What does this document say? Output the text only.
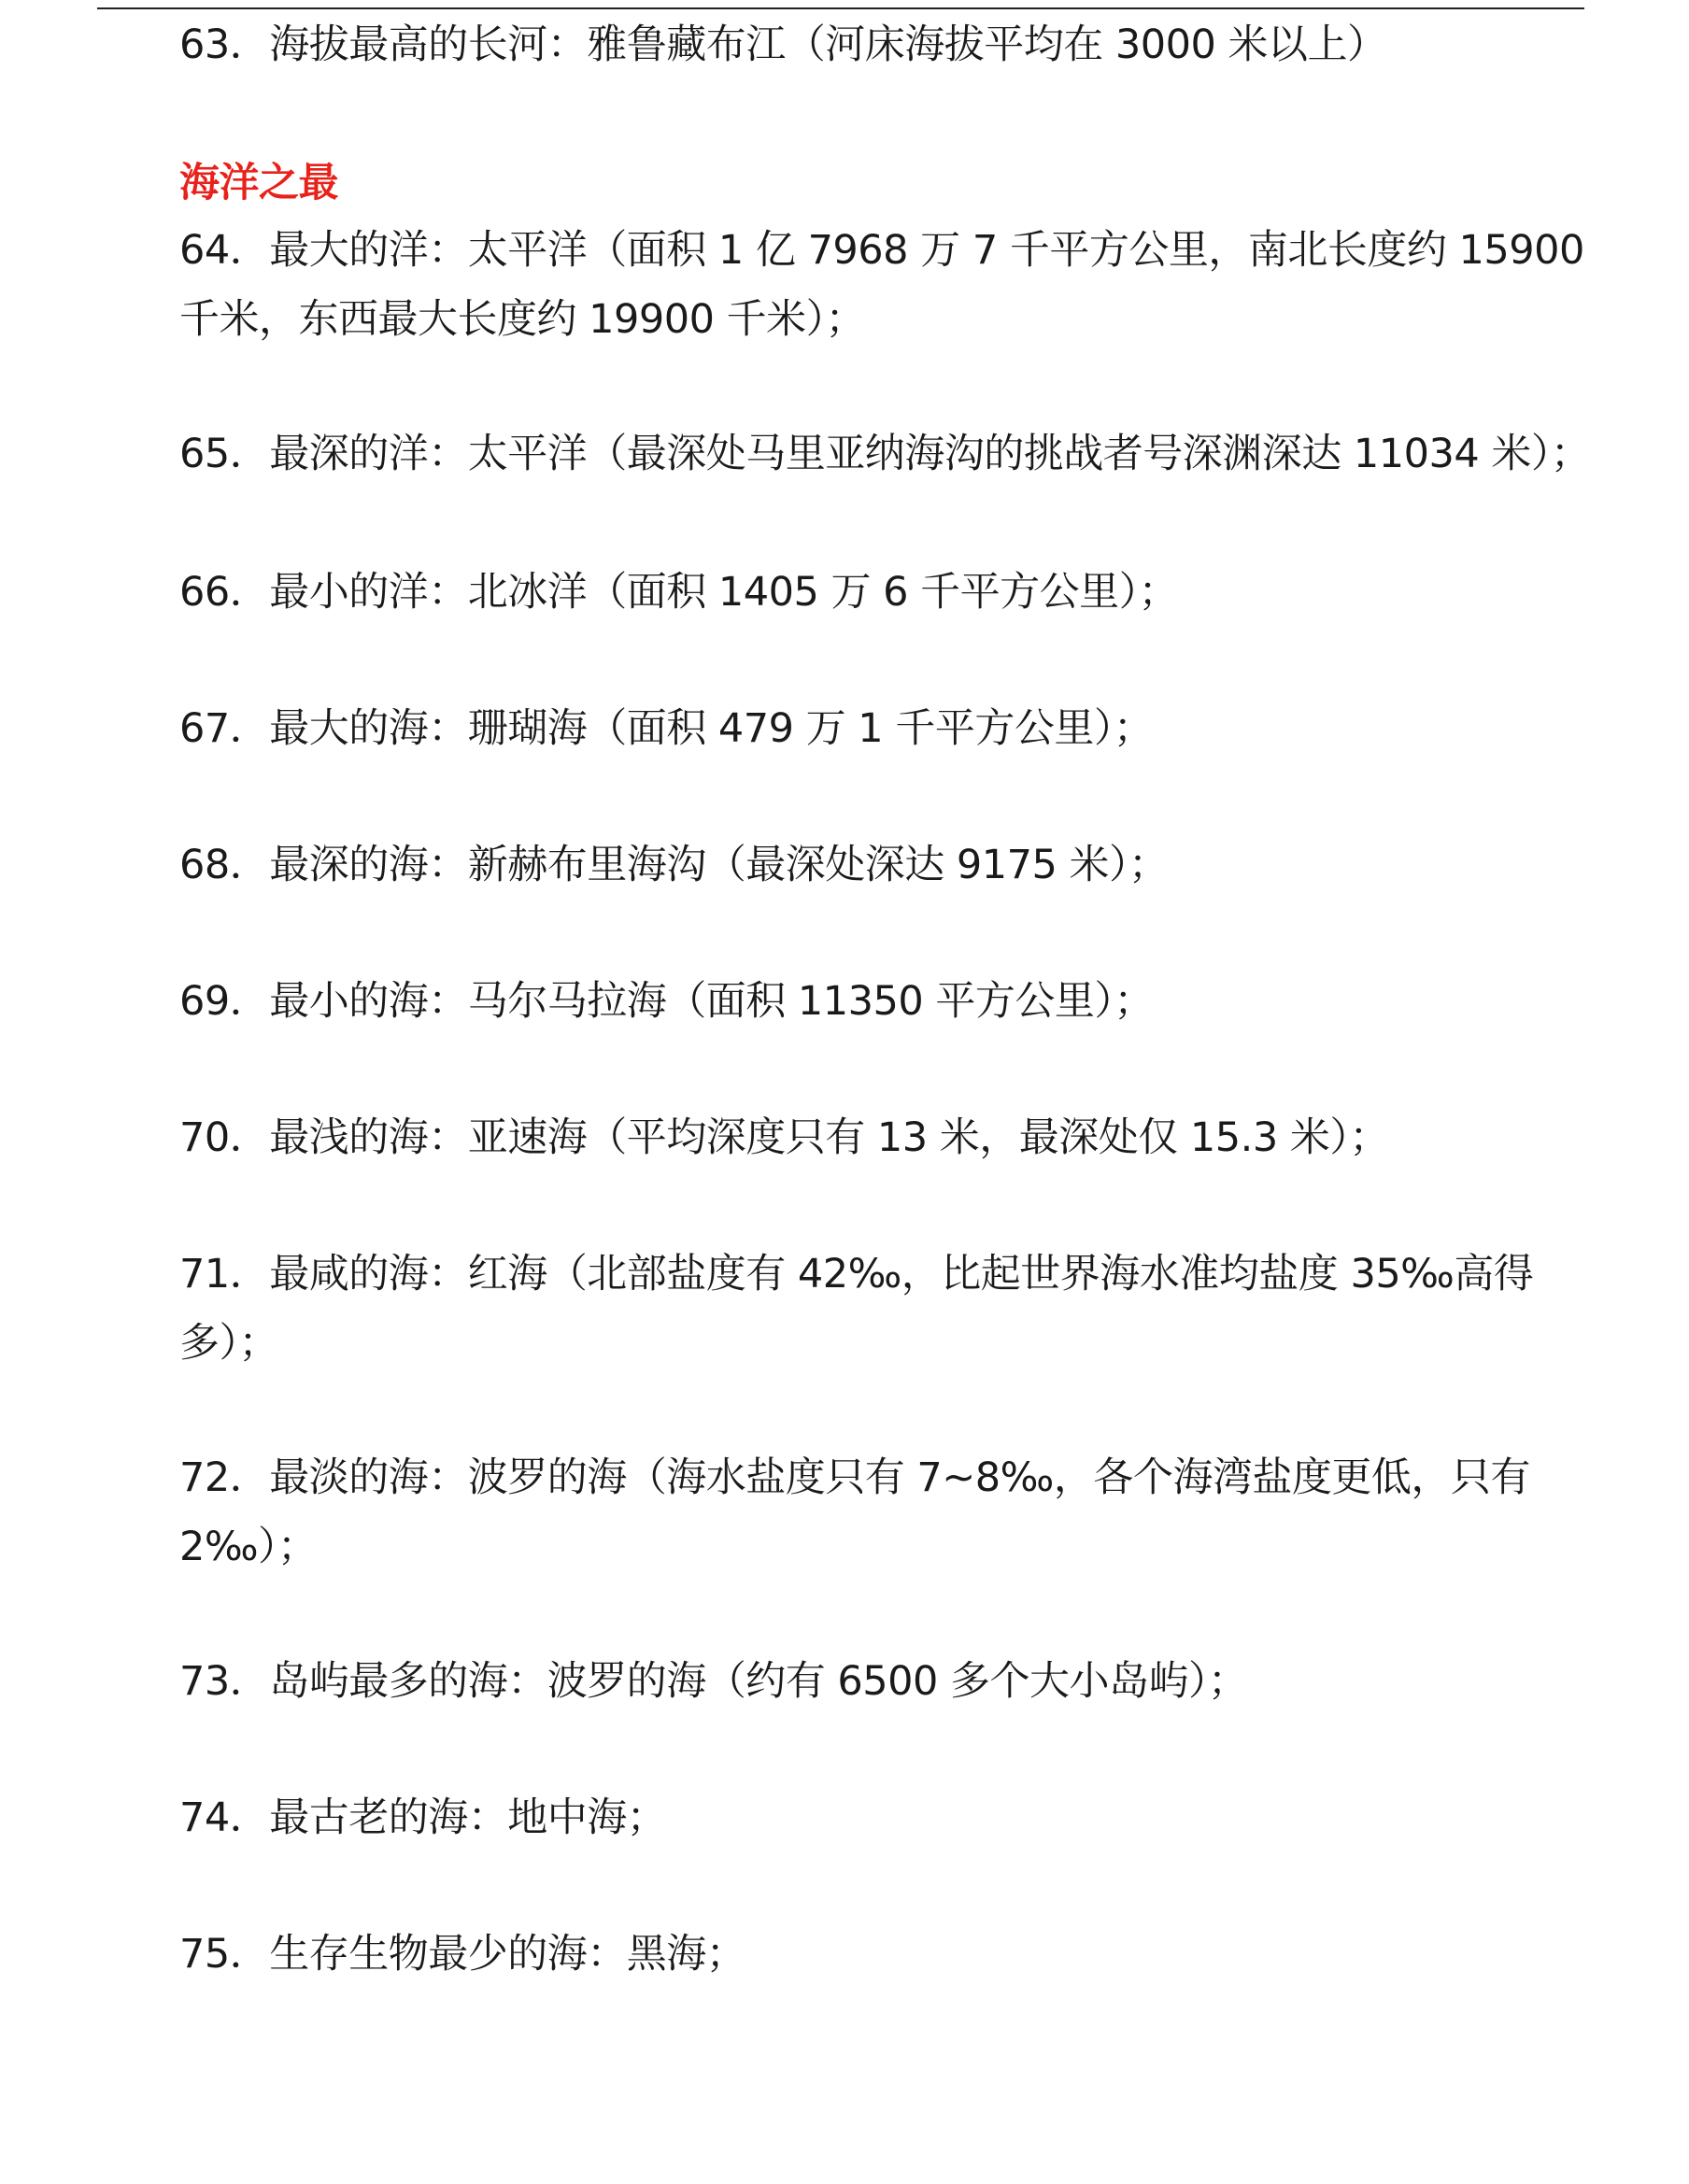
63．海拔最高的长河：雅鲁藏布江（河床海拔平均在 3000 米以上）
海洋之最
64．最大的洋：太平洋（面积 1 亿 7968 万 7 千平方公里，南北长度约 15900
千米，东西最大长度约 19900 千米）；
65．最深的洋：太平洋（最深处马里亚纳海沟的挑战者号深渊深达 11034 米）；
66．最小的洋：北冰洋（面积 1405 万 6 千平方公里）；
67．最大的海：珊瑚海（面积 479 万 1 千平方公里）；
68．最深的海：新赫布里海沟（最深处深达 9175 米）；
69．最小的海：马尔马拉海（面积 11350 平方公里）；
70．最浅的海：亚速海（平均深度只有 13 米，最深处仅 15.3 米）；
71．最咸的海：红海（北部盐度有 42‰，比起世界海水准均盐度 35‰高得
多）；
72．最淡的海：波罗的海（海水盐度只有 7~8‰，各个海湾盐度更低，只有
2‰）；
73．岛屿最多的海：波罗的海（约有 6500 多个大小岛屿）；
74．最古老的海：地中海；
75．生存生物最少的海：黑海；
